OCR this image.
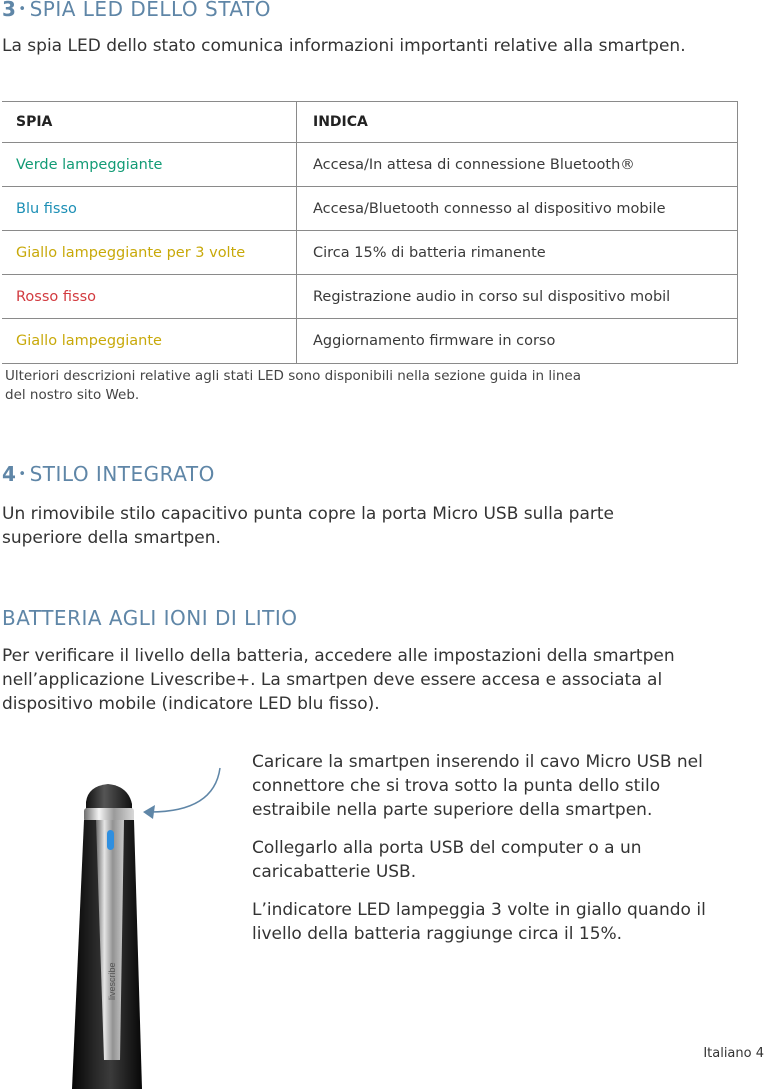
3 • SPIA LED DELLO STATO
La spia LED dello stato comunica informazioni importanti relative alla smartpen.
SPIA	INDICA
Verde lampeggiante	Accesa/In attesa di connessione Bluetooth®
Blu fisso	Accesa/Bluetooth connesso al dispositivo mobile
Giallo lampeggiante per 3 volte	Circa 15% di batteria rimanente
Rosso fisso	Registrazione audio in corso sul dispositivo mobil
Giallo lampeggiante	Aggiornamento firmware in corso
Ulteriori descrizioni relative agli stati LED sono disponibili nella sezione guida in linea
del nostro sito Web.
4 • STILO INTEGRATO
Un rimovibile stilo capacitivo punta copre la porta Micro USB sulla parte superiore della smartpen.
BATTERIA AGLI IONI DI LITIO
Per verificare il livello della batteria, accedere alle impostazioni della smartpen nell’applicazione Livescribe+. La smartpen deve essere accesa e associata al dispositivo mobile (indicatore LED blu fisso).

Caricare la smartpen inserendo il cavo Micro USB nel connettore che si trova sotto la punta dello stilo estraibile nella parte superiore della smartpen.

Collegarlo alla porta USB del computer o a un caricabatterie USB.

L’indicatore LED lampeggia 3 volte in giallo quando il livello della batteria raggiunge circa il 15%.

livescribe
Italiano 4
